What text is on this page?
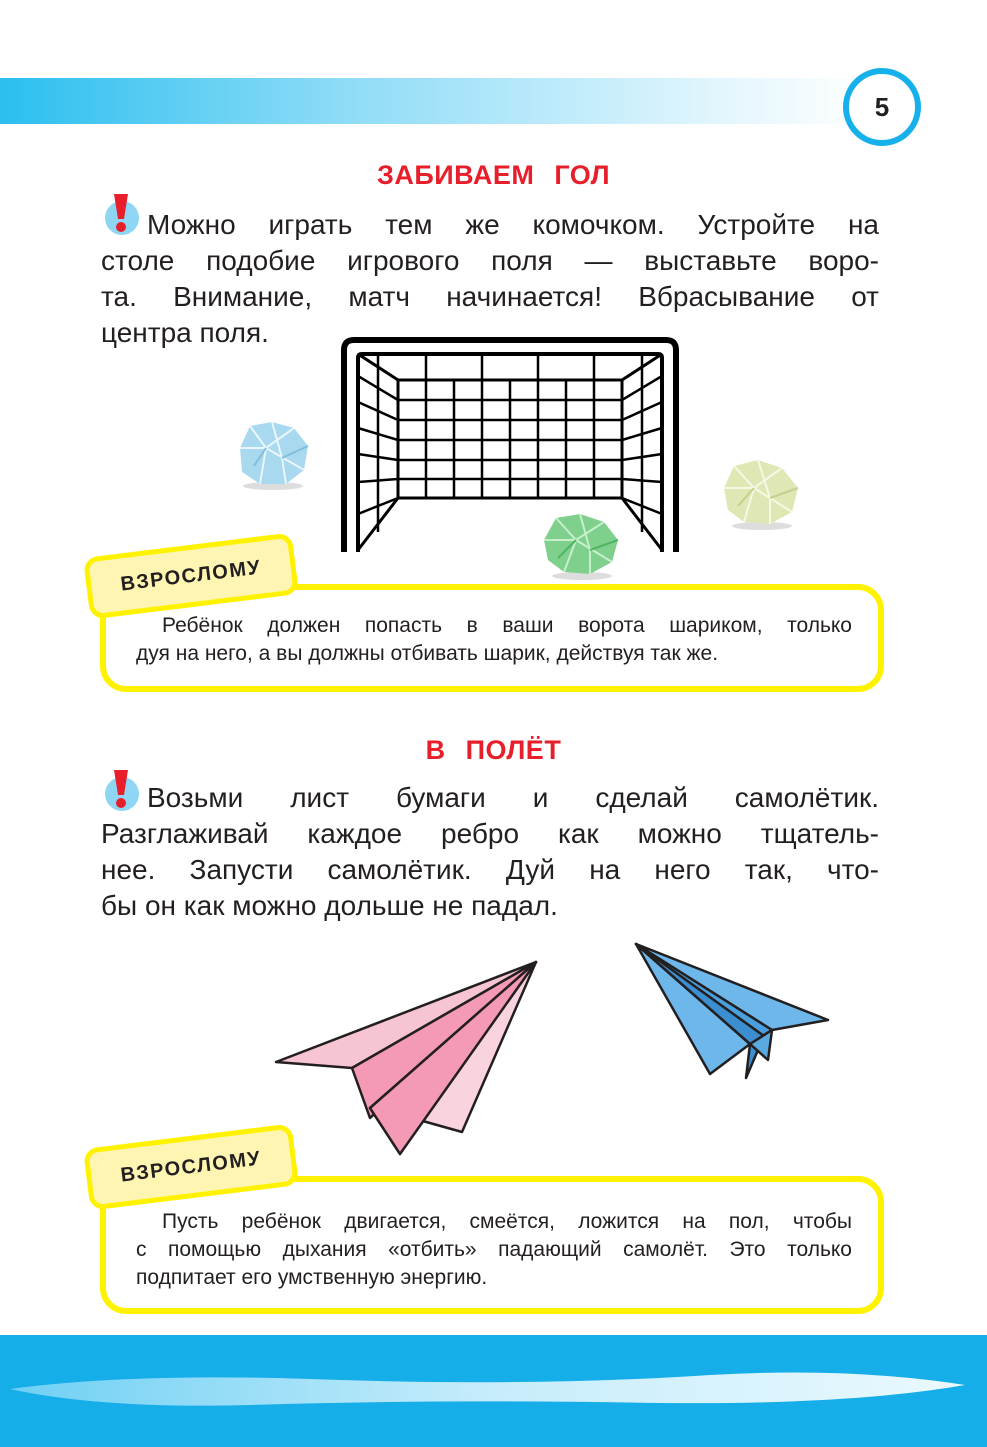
5
ЗАБИВАЕМ ГОЛ
Можно играть тем же комочком. Устройте на
столе подобие игрового поля — выставьте воро-
та. Внимание, матч начинается! Вбрасывание от
центра поля.
Ребёнок должен попасть в ваши ворота шариком, только
дуя на него, а вы должны отбивать шарик, действуя так же.
ВЗРОСЛОМУ
В ПОЛЁТ
Возьми лист бумаги и сделай самолётик.
Разглаживай каждое ребро как можно тщатель-
нее. Запусти самолётик. Дуй на него так, что-
бы он как можно дольше не падал.
Пусть ребёнок двигается, смеётся, ложится на пол, чтобы
с помощью дыхания «отбить» падающий самолёт. Это только
подпитает его умственную энергию.
ВЗРОСЛОМУ
